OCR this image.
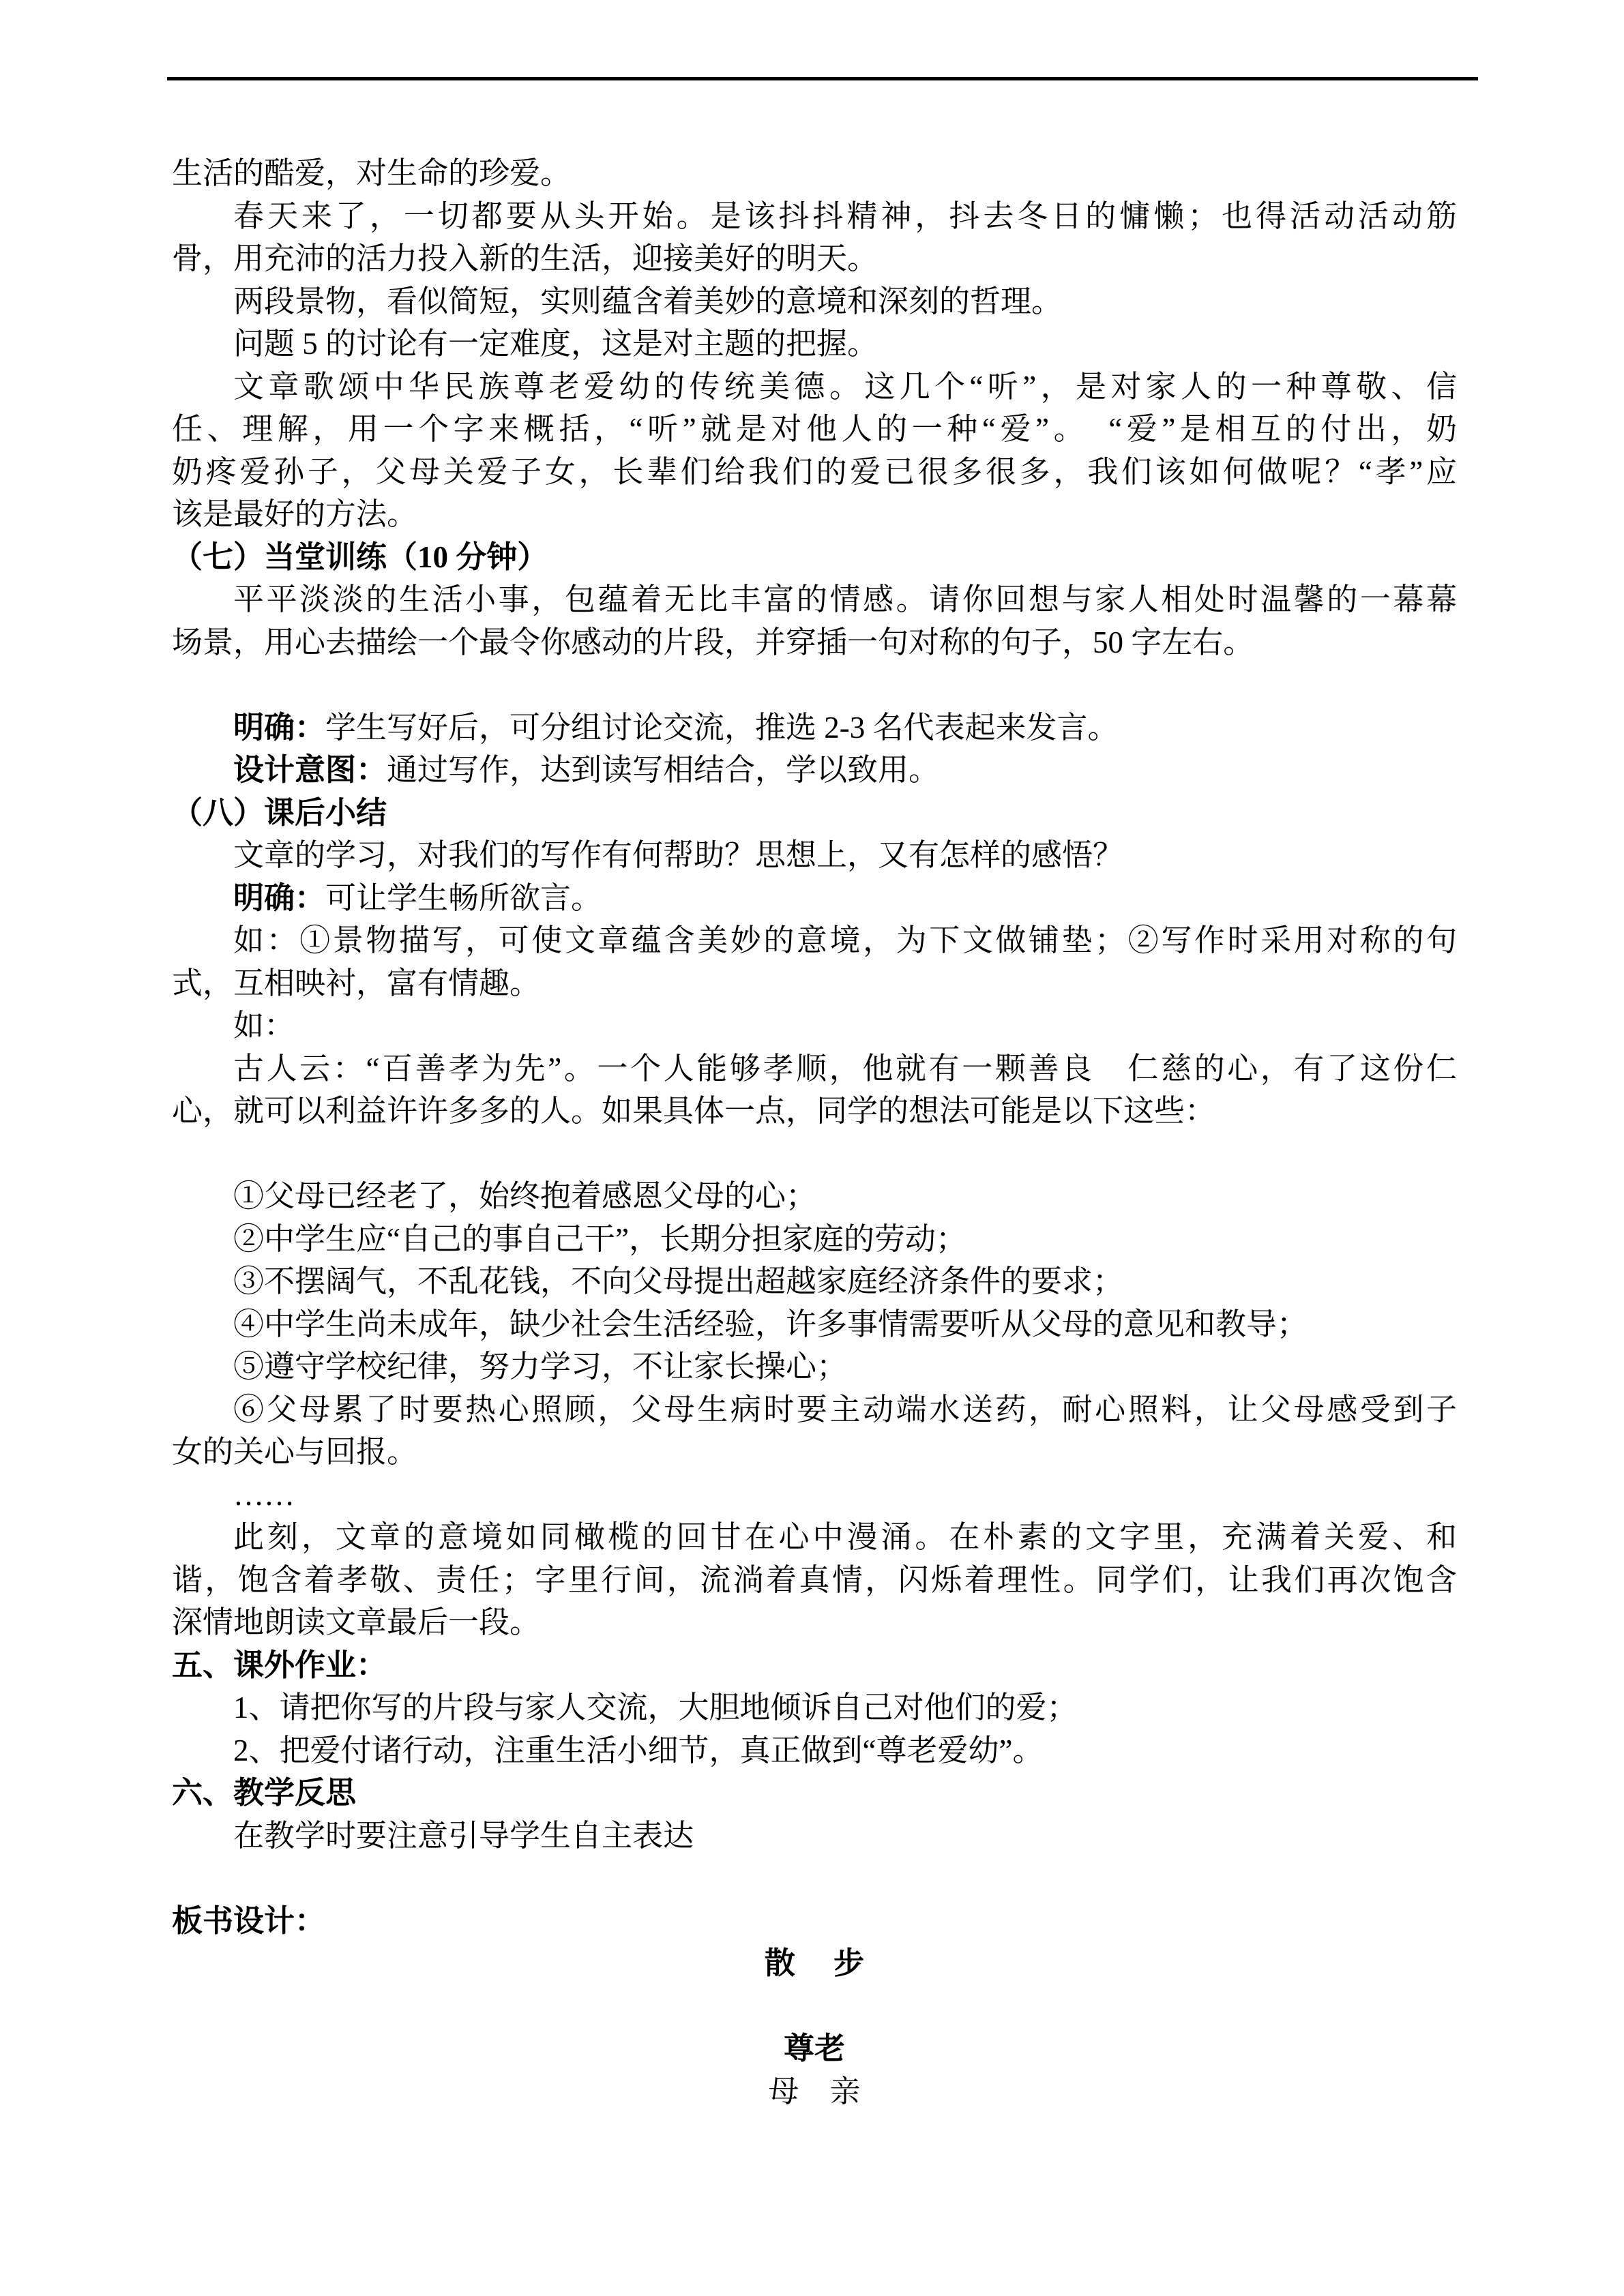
生活的酷爱，对生命的珍爱。
春天来了，一切都要从头开始。是该抖抖精神，抖去冬日的慵懒；也得活动活动筋
骨，用充沛的活力投入新的生活，迎接美好的明天。
两段景物，看似简短，实则蕴含着美妙的意境和深刻的哲理。
问题 5 的讨论有一定难度，这是对主题的把握。
文章歌颂中华民族尊老爱幼的传统美德。这几个“听”，是对家人的一种尊敬、信
任、理解，用一个字来概括，“听”就是对他人的一种“爱”。　“爱”是相互的付出，奶
奶疼爱孙子，父母关爱子女，长辈们给我们的爱已很多很多，我们该如何做呢？“孝”应
该是最好的方法。
（七）当堂训练（10 分钟）
平平淡淡的生活小事，包蕴着无比丰富的情感。请你回想与家人相处时温馨的一幕幕
场景，用心去描绘一个最令你感动的片段，并穿插一句对称的句子，50 字左右。
明确：学生写好后，可分组讨论交流，推选 2-3 名代表起来发言。
设计意图：通过写作，达到读写相结合，学以致用。
（八）课后小结
文章的学习，对我们的写作有何帮助？思想上，又有怎样的感悟？
明确：可让学生畅所欲言。
如：①景物描写，可使文章蕴含美妙的意境，为下文做铺垫；②写作时采用对称的句
式，互相映衬，富有情趣。
如：
古人云：“百善孝为先”。一个人能够孝顺，他就有一颗善良　仁慈的心，有了这份仁
心，就可以利益许许多多的人。如果具体一点，同学的想法可能是以下这些：
①父母已经老了，始终抱着感恩父母的心；
②中学生应“自己的事自己干”，长期分担家庭的劳动；
③不摆阔气，不乱花钱，不向父母提出超越家庭经济条件的要求；
④中学生尚未成年，缺少社会生活经验，许多事情需要听从父母的意见和教导；
⑤遵守学校纪律，努力学习，不让家长操心；
⑥父母累了时要热心照顾，父母生病时要主动端水送药，耐心照料，让父母感受到子
女的关心与回报。
……
此刻，文章的意境如同橄榄的回甘在心中漫涌。在朴素的文字里，充满着关爱、和
谐，饱含着孝敬、责任；字里行间，流淌着真情，闪烁着理性。同学们，让我们再次饱含
深情地朗读文章最后一段。
五、课外作业：
1、请把你写的片段与家人交流，大胆地倾诉自己对他们的爱；
2、把爱付诸行动，注重生活小细节，真正做到“尊老爱幼”。
六、教学反思
在教学时要注意引导学生自主表达
板书设计：
散　 步
尊老
母　亲
